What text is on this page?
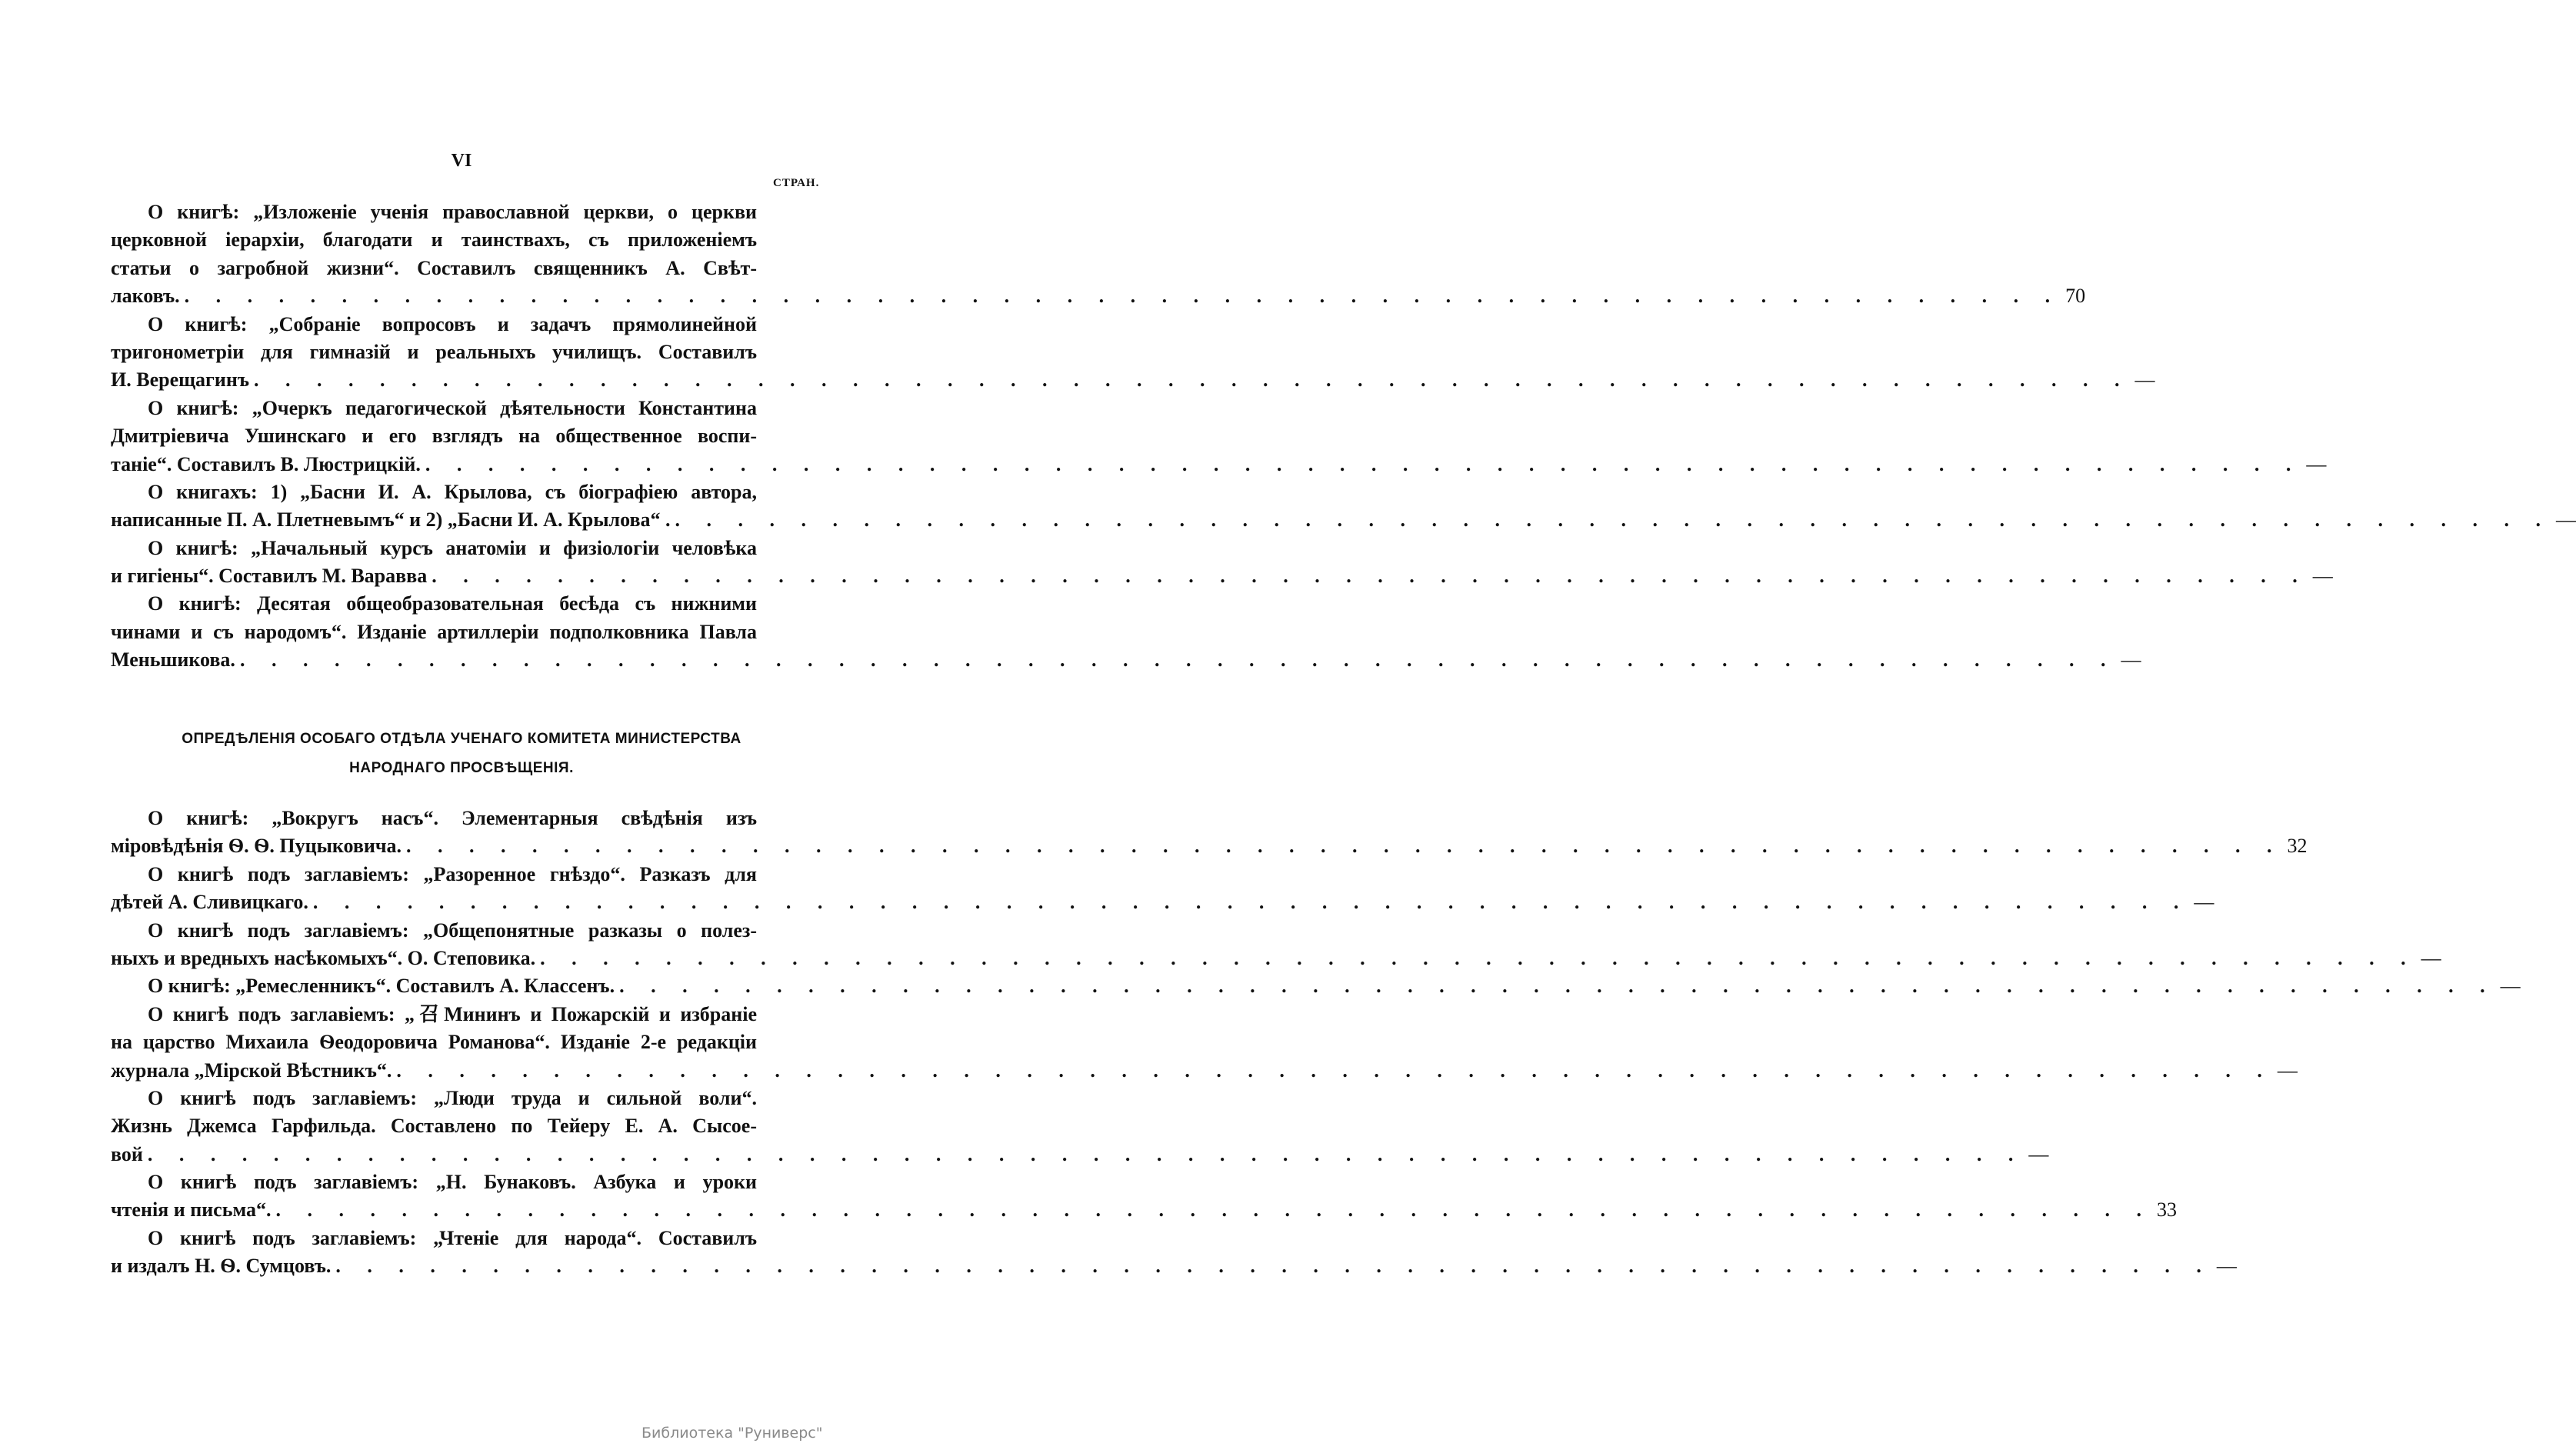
VI
СТРАН.
О книгѣ: „Изложеніе ученія православной церкви, о церкви
церковной іерархіи, благодати и таинствахъ, съ приложеніемъ
статьи о загробной жизни“. Составилъ священникъ А. Свѣт-
лаковъ. . . . . . . . . . . . . . . . . . . . . . . . . . . . . . . . . . . . . . . . . . . . . . . . . . . . . . . . . . . . . 70
О книгѣ: „Собраніе вопросовъ и задачъ прямолинейной
тригонометріи для гимназій и реальныхъ училищъ. Составилъ
И. Верещагинъ . . . . . . . . . . . . . . . . . . . . . . . . . . . . . . . . . . . . . . . . . . . . . . . . . . . . . . . . . . . . —
О книгѣ: „Очеркъ педагогической дѣятельности Константина
Дмитріевича Ушинскаго и его взглядъ на общественное воспи-
таніе“. Составилъ В. Люстрицкій. . . . . . . . . . . . . . . . . . . . . . . . . . . . . . . . . . . . . . . . . . . . . . . . . . . . . . . . . . . . . —
О книгахъ: 1) „Басни И. А. Крылова, съ біографіею автора,
написанные П. А. Плетневымъ“ и 2) „Басни И. А. Крылова“ . . . . . . . . . . . . . . . . . . . . . . . . . . . . . . . . . . . . . . . . . . . . . . . . . . . . . . . . . . . . . —
О книгѣ: „Начальный курсъ анатоміи и физіологіи человѣка
и гигіены“. Составилъ М. Варавва . . . . . . . . . . . . . . . . . . . . . . . . . . . . . . . . . . . . . . . . . . . . . . . . . . . . . . . . . . . . —
О книгѣ: Десятая общеобразовательная бесѣда съ нижними
чинами и съ народомъ“. Изданіе артиллеріи подполковника Павла
Меньшикова. . . . . . . . . . . . . . . . . . . . . . . . . . . . . . . . . . . . . . . . . . . . . . . . . . . . . . . . . . . . . —
ОПРЕДѢЛЕНІЯ ОСОБАГО ОТДѢЛА УЧЕНАГО КОМИТЕТА МИНИСТЕРСТВА
НАРОДНАГО ПРОСВѢЩЕНІЯ.
О книгѣ: „Вокругъ насъ“. Элементарныя свѣдѣнія изъ
міровѣдѣнія Ѳ. Ѳ. Пуцыковича. . . . . . . . . . . . . . . . . . . . . . . . . . . . . . . . . . . . . . . . . . . . . . . . . . . . . . . . . . . . . 32
О книгѣ подъ заглавіемъ: „Разоренное гнѣздо“. Разказъ для
дѣтей А. Сливицкаго. . . . . . . . . . . . . . . . . . . . . . . . . . . . . . . . . . . . . . . . . . . . . . . . . . . . . . . . . . . . . —
О книгѣ подъ заглавіемъ: „Общепонятные разказы о полез-
ныхъ и вредныхъ насѣкомыхъ“. О. Степовика. . . . . . . . . . . . . . . . . . . . . . . . . . . . . . . . . . . . . . . . . . . . . . . . . . . . . . . . . . . . . —
О книгѣ: „Ремесленникъ“. Составилъ А. Классенъ. . . . . . . . . . . . . . . . . . . . . . . . . . . . . . . . . . . . . . . . . . . . . . . . . . . . . . . . . . . . . —
О книгѣ подъ заглавіемъ: „召Мининъ и Пожарскій и избраніе
на царство Михаила Ѳеодоровича Романова“. Изданіе 2-е редакціи
журнала „Мірской Вѣстникъ“. . . . . . . . . . . . . . . . . . . . . . . . . . . . . . . . . . . . . . . . . . . . . . . . . . . . . . . . . . . . . —
О книгѣ подъ заглавіемъ: „Люди труда и сильной воли“.
Жизнь Джемса Гарфильда. Составлено по Тейеру Е. А. Сысое-
вой . . . . . . . . . . . . . . . . . . . . . . . . . . . . . . . . . . . . . . . . . . . . . . . . . . . . . . . . . . . . —
О книгѣ подъ заглавіемъ: „Н. Бунаковъ. Азбука и уроки
чтенія и письма“. . . . . . . . . . . . . . . . . . . . . . . . . . . . . . . . . . . . . . . . . . . . . . . . . . . . . . . . . . . . . 33
О книгѣ подъ заглавіемъ: „Чтеніе для народа“. Составилъ
и издалъ Н. Ѳ. Сумцовъ. . . . . . . . . . . . . . . . . . . . . . . . . . . . . . . . . . . . . . . . . . . . . . . . . . . . . . . . . . . . . —
Библиотека "Руниверс"
